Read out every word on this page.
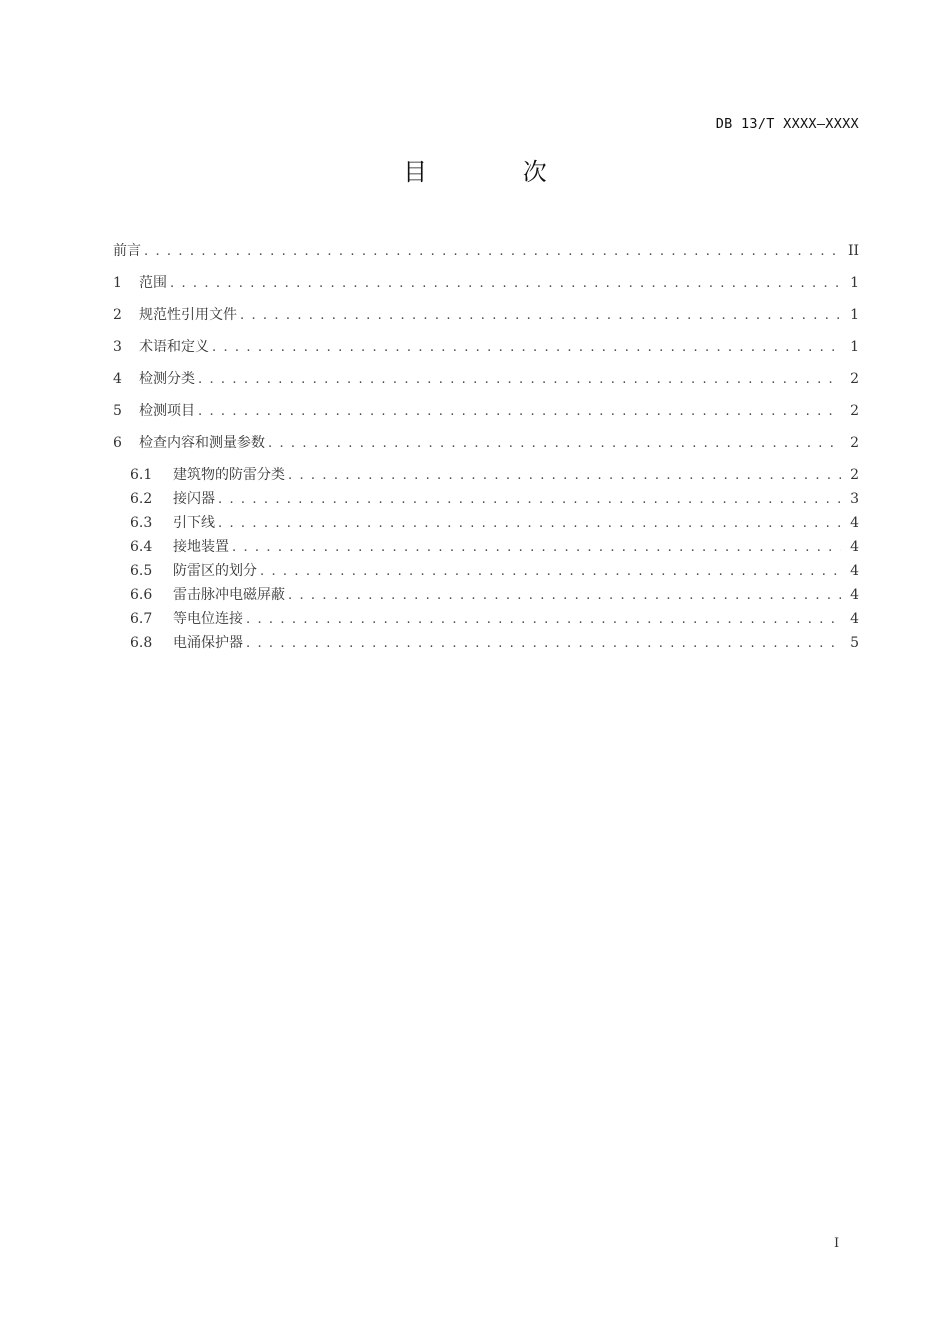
DB 13/T XXXX—XXXX
目 次
前言 . . .	II
1	范围 . . .	1
2	规范性引用文件 . . .	1
3	术语和定义 . . .	1
4	检测分类 . . .	2
5	检测项目 . . .	2
6	检查内容和测量参数 . . .	2
6.1	建筑物的防雷分类 . . .	2
6.2	接闪器 . . .	3
6.3	引下线 . . .	4
6.4	接地装置 . . .	4
6.5	防雷区的划分 . . .	4
6.6	雷击脉冲电磁屏蔽 . . .	4
6.7	等电位连接 . . .	4
6.8	电涌保护器 . . .	5
I
